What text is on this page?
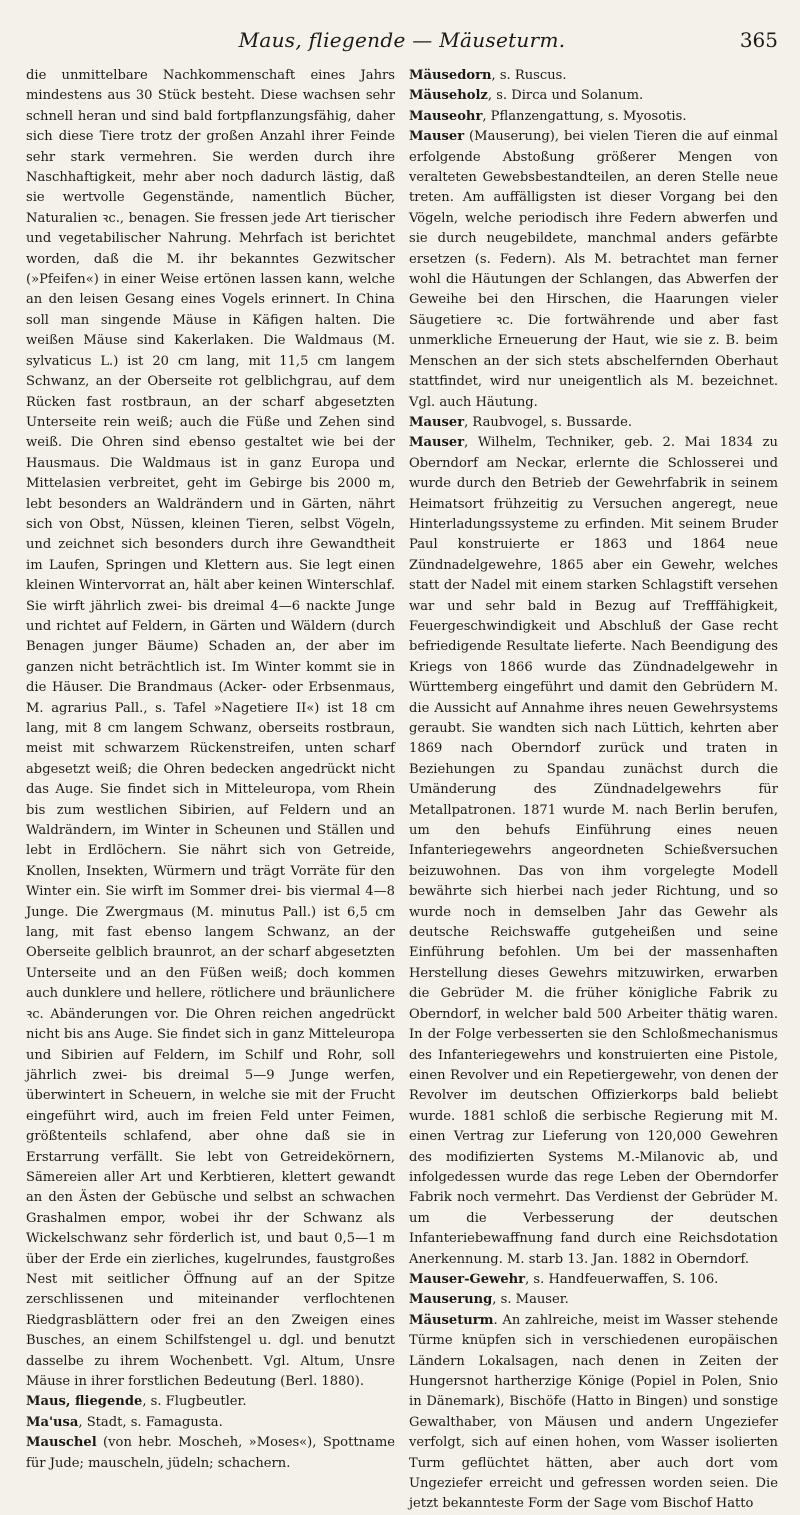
Maus, fliegende — Mäuseturm.	365

die unmittelbare Nachkommenschaft eines Jahrs mindestens aus 30 Stück besteht. Diese wachsen sehr schnell heran und sind bald fortpflanzungsfähig, daher sich diese Tiere trotz der großen Anzahl ihrer Feinde sehr stark vermehren. Sie werden durch ihre Naschhaftigkeit, mehr aber noch dadurch lästig, daß sie wertvolle Gegenstände, namentlich Bücher, Naturalien ꝛc., benagen. Sie fressen jede Art tierischer und vegetabilischer Nahrung. Mehrfach ist berichtet worden, daß die M. ihr bekanntes Gezwitscher (»Pfeifen«) in einer Weise ertönen lassen kann, welche an den leisen Gesang eines Vogels erinnert. In China soll man singende Mäuse in Käfigen halten. Die weißen Mäuse sind Kakerlaken. Die Waldmaus (M. sylvaticus L.) ist 20 cm lang, mit 11,5 cm langem Schwanz, an der Oberseite rot gelblichgrau, auf dem Rücken fast rostbraun, an der scharf abgesetzten Unterseite rein weiß; auch die Füße und Zehen sind weiß. Die Ohren sind ebenso gestaltet wie bei der Hausmaus. Die Waldmaus ist in ganz Europa und Mittelasien verbreitet, geht im Gebirge bis 2000 m, lebt besonders an Waldrändern und in Gärten, nährt sich von Obst, Nüssen, kleinen Tieren, selbst Vögeln, und zeichnet sich besonders durch ihre Gewandtheit im Laufen, Springen und Klettern aus. Sie legt einen kleinen Wintervorrat an, hält aber keinen Winterschlaf. Sie wirft jährlich zwei- bis dreimal 4—6 nackte Junge und richtet auf Feldern, in Gärten und Wäldern (durch Benagen junger Bäume) Schaden an, der aber im ganzen nicht beträchtlich ist. Im Winter kommt sie in die Häuser. Die Brandmaus (Acker- oder Erbsenmaus, M. agrarius Pall., s. Tafel »Nagetiere II«) ist 18 cm lang, mit 8 cm langem Schwanz, oberseits rostbraun, meist mit schwarzem Rückenstreifen, unten scharf abgesetzt weiß; die Ohren bedecken angedrückt nicht das Auge. Sie findet sich in Mitteleuropa, vom Rhein bis zum westlichen Sibirien, auf Feldern und an Waldrändern, im Winter in Scheunen und Ställen und lebt in Erdlöchern. Sie nährt sich von Getreide, Knollen, Insekten, Würmern und trägt Vorräte für den Winter ein. Sie wirft im Sommer drei- bis viermal 4—8 Junge. Die Zwergmaus (M. minutus Pall.) ist 6,5 cm lang, mit fast ebenso langem Schwanz, an der Oberseite gelblich braunrot, an der scharf abgesetzten Unterseite und an den Füßen weiß; doch kommen auch dunklere und hellere, rötlichere und bräunlichere ꝛc. Abänderungen vor. Die Ohren reichen angedrückt nicht bis ans Auge. Sie findet sich in ganz Mitteleuropa und Sibirien auf Feldern, im Schilf und Rohr, soll jährlich zwei- bis dreimal 5—9 Junge werfen, überwintert in Scheuern, in welche sie mit der Frucht eingeführt wird, auch im freien Feld unter Feimen, größtenteils schlafend, aber ohne daß sie in Erstarrung verfällt. Sie lebt von Getreidekörnern, Sämereien aller Art und Kerbtieren, klettert gewandt an den Ästen der Gebüsche und selbst an schwachen Grashalmen empor, wobei ihr der Schwanz als Wickelschwanz sehr förderlich ist, und baut 0,5—1 m über der Erde ein zierliches, kugelrundes, faustgroßes Nest mit seitlicher Öffnung auf an der Spitze zerschlissenen und miteinander verflochtenen Riedgrasblättern oder frei an den Zweigen eines Busches, an einem Schilfstengel u. dgl. und benutzt dasselbe zu ihrem Wochenbett. Vgl. Altum, Unsre Mäuse in ihrer forstlichen Bedeutung (Berl. 1880).

Maus, fliegende, s. Flugbeutler.

Ma'usa, Stadt, s. Famagusta.

Mauschel (von hebr. Moscheh, »Moses«), Spottname für Jude; mauscheln, jüdeln; schachern.

Mäusedorn, s. Ruscus.

Mäuseholz, s. Dirca und Solanum.

Mauseohr, Pflanzengattung, s. Myosotis.

Mauser (Mauserung), bei vielen Tieren die auf einmal erfolgende Abstoßung größerer Mengen von veralteten Gewebsbestandteilen, an deren Stelle neue treten. Am auffälligsten ist dieser Vorgang bei den Vögeln, welche periodisch ihre Federn abwerfen und sie durch neugebildete, manchmal anders gefärbte ersetzen (s. Federn). Als M. betrachtet man ferner wohl die Häutungen der Schlangen, das Abwerfen der Geweihe bei den Hirschen, die Haarungen vieler Säugetiere ꝛc. Die fortwährende und aber fast unmerkliche Erneuerung der Haut, wie sie z. B. beim Menschen an der sich stets abschelfernden Oberhaut stattfindet, wird nur uneigentlich als M. bezeichnet. Vgl. auch Häutung.

Mauser, Raubvogel, s. Bussarde.

Mauser, Wilhelm, Techniker, geb. 2. Mai 1834 zu Oberndorf am Neckar, erlernte die Schlosserei und wurde durch den Betrieb der Gewehrfabrik in seinem Heimatsort frühzeitig zu Versuchen angeregt, neue Hinterladungssysteme zu erfinden. Mit seinem Bruder Paul konstruierte er 1863 und 1864 neue Zündnadelgewehre, 1865 aber ein Gewehr, welches statt der Nadel mit einem starken Schlagstift versehen war und sehr bald in Bezug auf Trefffähigkeit, Feuergeschwindigkeit und Abschluß der Gase recht befriedigende Resultate lieferte. Nach Beendigung des Kriegs von 1866 wurde das Zündnadelgewehr in Württemberg eingeführt und damit den Gebrüdern M. die Aussicht auf Annahme ihres neuen Gewehrsystems geraubt. Sie wandten sich nach Lüttich, kehrten aber 1869 nach Oberndorf zurück und traten in Beziehungen zu Spandau zunächst durch die Umänderung des Zündnadelgewehrs für Metallpatronen. 1871 wurde M. nach Berlin berufen, um den behufs Einführung eines neuen Infanteriegewehrs angeordneten Schießversuchen beizuwohnen. Das von ihm vorgelegte Modell bewährte sich hierbei nach jeder Richtung, und so wurde noch in demselben Jahr das Gewehr als deutsche Reichswaffe gutgeheißen und seine Einführung befohlen. Um bei der massenhaften Herstellung dieses Gewehrs mitzuwirken, erwarben die Gebrüder M. die früher königliche Fabrik zu Oberndorf, in welcher bald 500 Arbeiter thätig waren. In der Folge verbesserten sie den Schloßmechanismus des Infanteriegewehrs und konstruierten eine Pistole, einen Revolver und ein Repetiergewehr, von denen der Revolver im deutschen Offizierkorps bald beliebt wurde. 1881 schloß die serbische Regierung mit M. einen Vertrag zur Lieferung von 120,000 Gewehren des modifizierten Systems M.-Milanovic ab, und infolgedessen wurde das rege Leben der Oberndorfer Fabrik noch vermehrt. Das Verdienst der Gebrüder M. um die Verbesserung der deutschen Infanteriebewaffnung fand durch eine Reichsdotation Anerkennung. M. starb 13. Jan. 1882 in Oberndorf.

Mauser-Gewehr, s. Handfeuerwaffen, S. 106.

Mauserung, s. Mauser.

Mäuseturm. An zahlreiche, meist im Wasser stehende Türme knüpfen sich in verschiedenen europäischen Ländern Lokalsagen, nach denen in Zeiten der Hungersnot hartherzige Könige (Popiel in Polen, Snio in Dänemark), Bischöfe (Hatto in Bingen) und sonstige Gewalthaber, von Mäusen und andern Ungeziefer verfolgt, sich auf einen hohen, vom Wasser isolierten Turm geflüchtet hätten, aber auch dort vom Ungeziefer erreicht und gefressen worden seien. Die jetzt bekannteste Form der Sage vom Bischof Hatto
